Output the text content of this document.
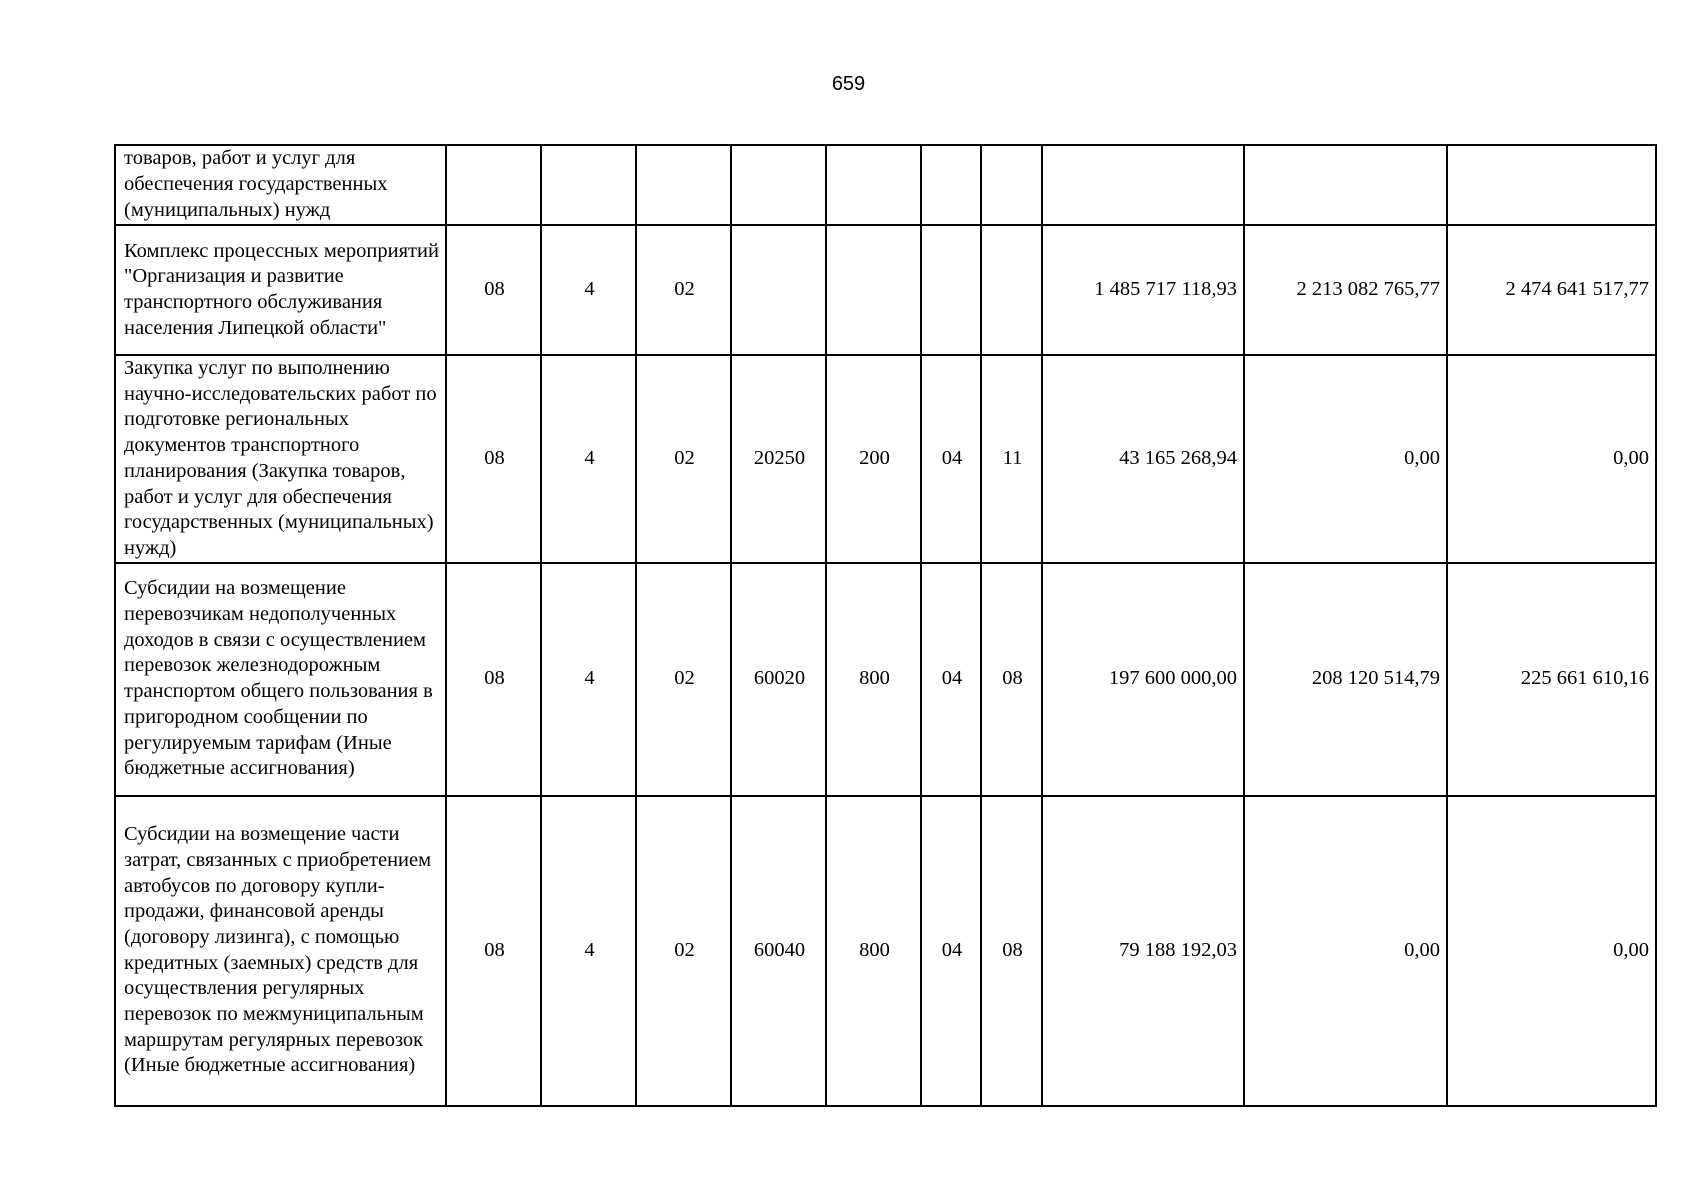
659
товаров, работ и услуг для обеспечения государственных (муниципальных) нужд										
Комплекс процессных мероприятий "Организация и развитие транспортного обслуживания населения Липецкой области"	08	4	02					1 485 717 118,93	2 213 082 765,77	2 474 641 517,77
Закупка услуг по выполнению научно-исследовательских работ по подготовке региональных документов транспортного планирования (Закупка товаров, работ и услуг для обеспечения государственных (муниципальных) нужд)	08	4	02	20250	200	04	11	43 165 268,94	0,00	0,00
Субсидии на возмещение перевозчикам недополученных доходов в связи с осуществлением перевозок железнодорожным транспортом общего пользования в пригородном сообщении по регулируемым тарифам (Иные бюджетные ассигнования)	08	4	02	60020	800	04	08	197 600 000,00	208 120 514,79	225 661 610,16
Субсидии на возмещение части затрат, связанных с приобретением автобусов по договору купли-продажи, финансовой аренды (договору лизинга), с помощью кредитных (заемных) средств для осуществления регулярных перевозок по межмуниципальным маршрутам регулярных перевозок (Иные бюджетные ассигнования)	08	4	02	60040	800	04	08	79 188 192,03	0,00	0,00
